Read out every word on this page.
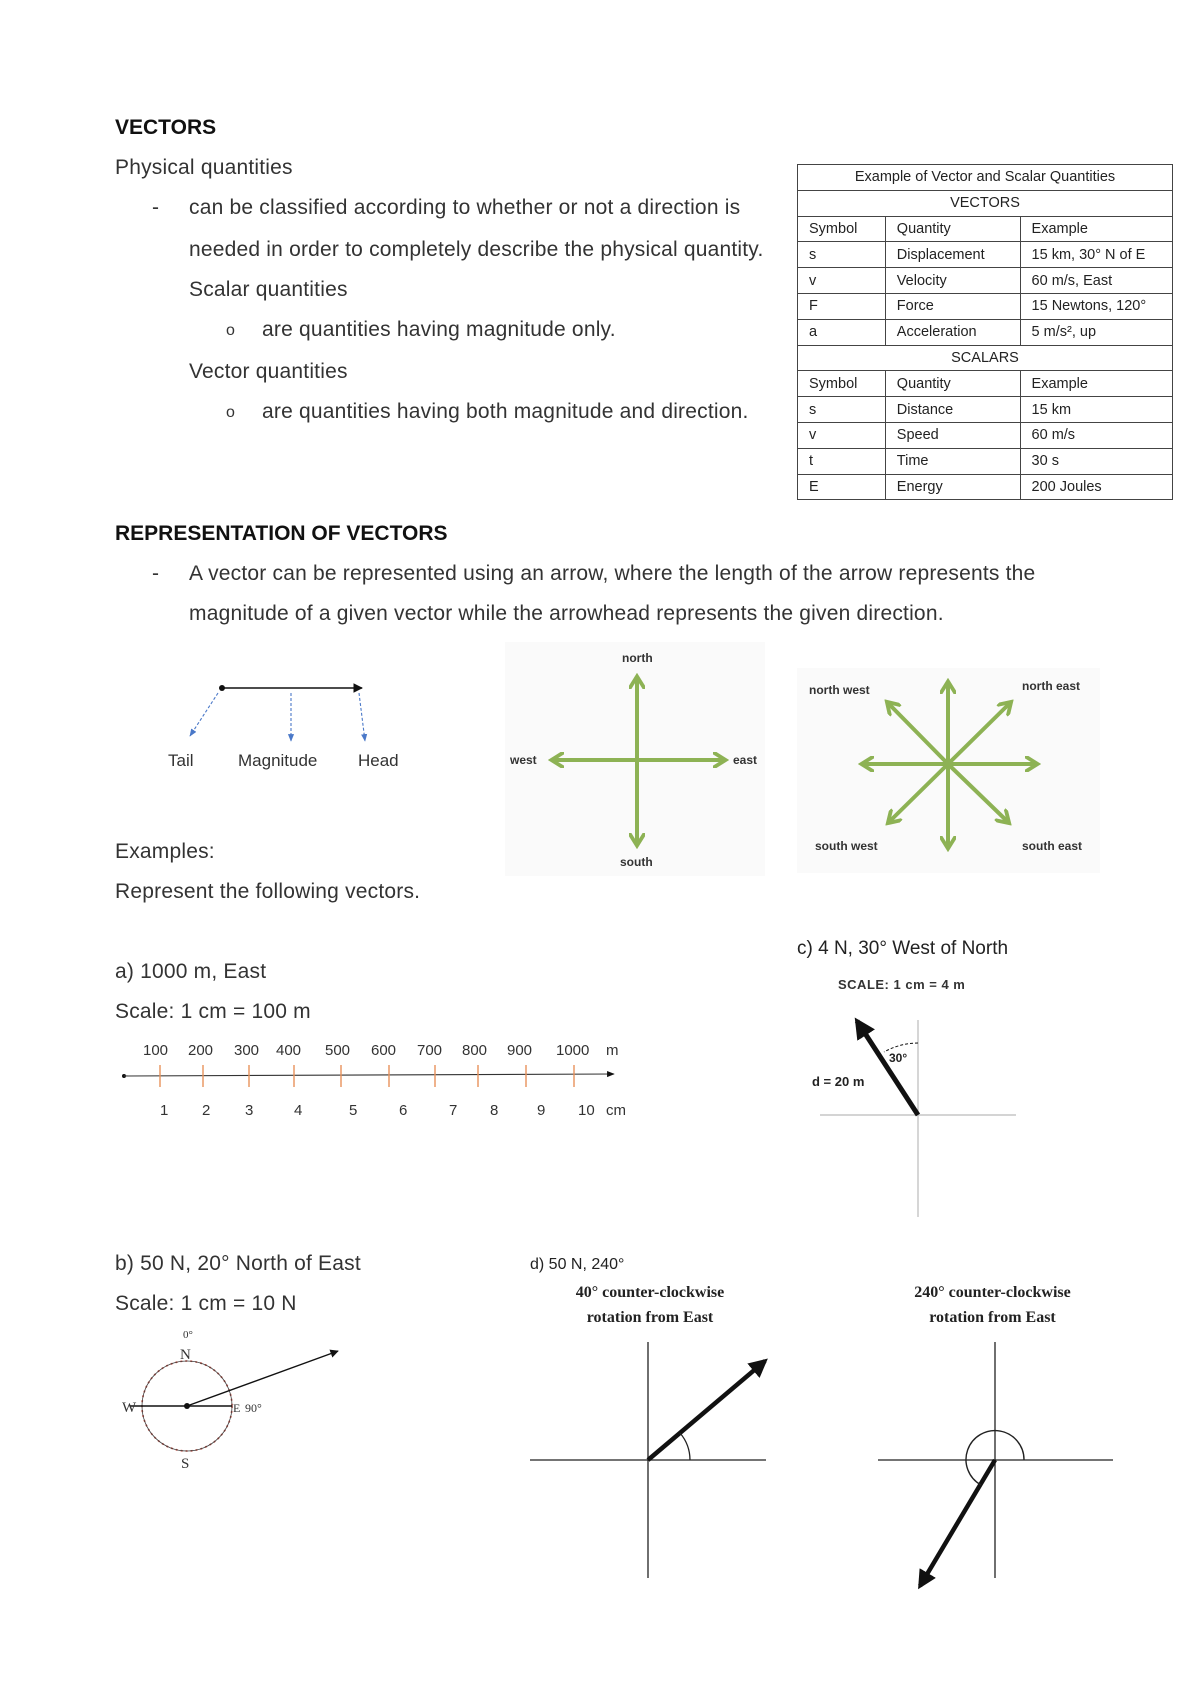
VECTORS
Physical quantities
- can be classified according to whether or not a direction is
needed in order to completely describe the physical quantity.
Scalar quantities
o are quantities having magnitude only.
Vector quantities
o are quantities having both magnitude and direction.
Example of Vector and Scalar Quantities		
VECTORS		
Symbol	Quantity	Example
s	Displacement	15 km, 30° N of E
v	Velocity	60 m/s, East
F	Force	15 Newtons, 120°
a	Acceleration	5 m/s², up
SCALARS		
Symbol	Quantity	Example
s	Distance	15 km
v	Speed	60 m/s
t	Time	30 s
E	Energy	200 Joules
REPRESENTATION OF VECTORS
- A vector can be represented using an arrow, where the length of the arrow represents the
magnitude of a given vector while the arrowhead represents the given direction.
Tail	Magnitude Head
north
south
east
west
north west	north east
south west	south east
100 200 300 400 500 600 700 800 900 1000 m
1 2 3	4	5	6	7 8	9 10 cm
0°
N
W	E 90°
S
30°
d = 20 m
Examples:
Represent the following vectors.
a) 1000 m, East
Scale: 1 cm = 100 m
b) 50 N, 20° North of East
Scale: 1 cm = 10 N
c) 4 N, 30° West of North
SCALE: 1 cm = 4 m
d) 50 N, 240°
40° counter-clockwise
rotation from East
240° counter-clockwise
rotation from East
